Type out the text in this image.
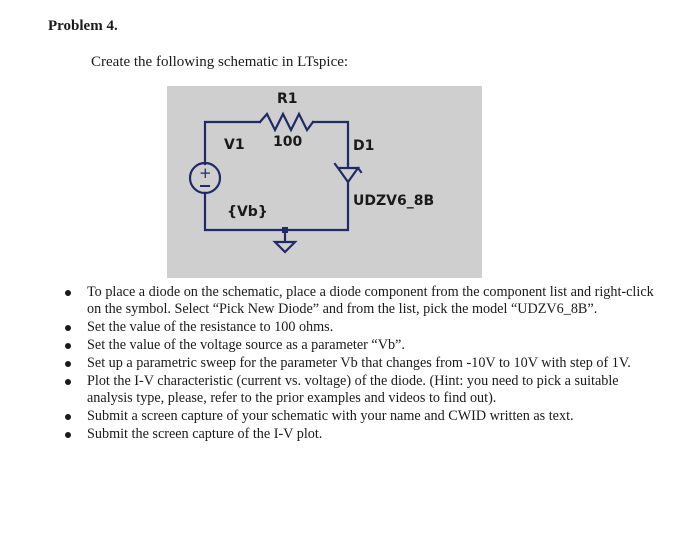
Problem 4.
Create the following schematic in LTspice:
R1
100
V1
+
{Vb}
D1
UDZV6_8B
To place a diode on the schematic, place a diode component from the component list and right-click on the symbol. Select “Pick New Diode” and from the list, pick the model “UDZV6_8B”.
Set the value of the resistance to 100 ohms.
Set the value of the voltage source as a parameter “Vb”.
Set up a parametric sweep for the parameter Vb that changes from -10V to 10V with step of 1V.
Plot the I-V characteristic (current vs. voltage) of the diode. (Hint: you need to pick a suitable analysis type, please, refer to the prior examples and videos to find out).
Submit a screen capture of your schematic with your name and CWID written as text.
Submit the screen capture of the I-V plot.
